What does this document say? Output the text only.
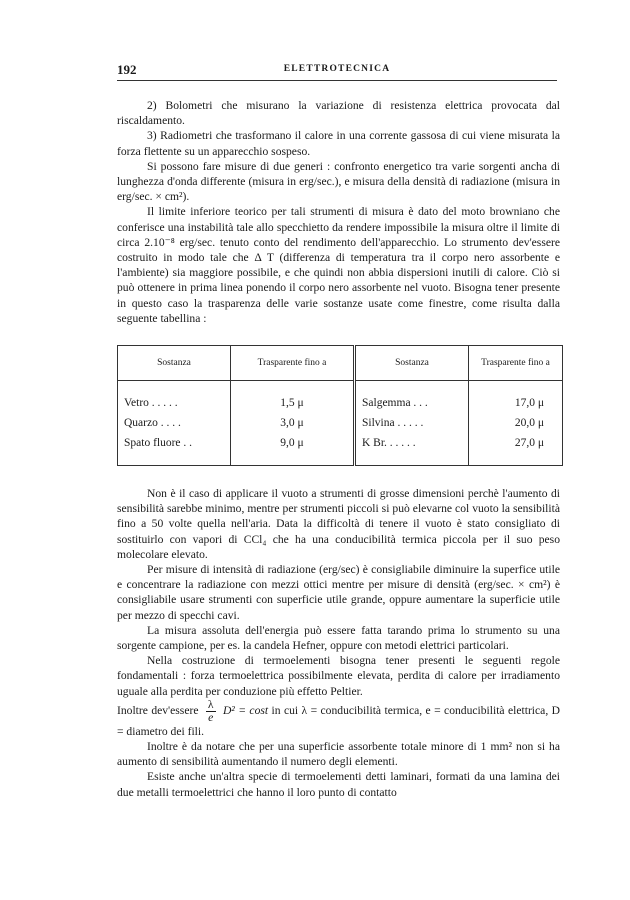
192	ELETTROTECNICA

2) Bolometri che misurano la variazione di resistenza elettrica provocata dal riscaldamento.

3) Radiometri che trasformano il calore in una corrente gassosa di cui viene misurata la forza flettente su un apparecchio sospeso.

Si possono fare misure di due generi : confronto energetico tra varie sorgenti ancha di lunghezza d'onda differente (misura in erg/sec.), e misura della densità di radiazione (misura in erg/sec. × cm²).

Il limite inferiore teorico per tali strumenti di misura è dato del moto browniano che conferisce una instabilità tale allo specchietto da rendere impossibile la misura oltre il limite di circa 2.10⁻⁸ erg/sec. tenuto conto del rendimento dell'apparecchio. Lo strumento dev'essere costruito in modo tale che Δ T (differenza di temperatura tra il corpo nero assorbente e l'ambiente) sia maggiore possibile, e che quindi non abbia dispersioni inutili di calore. Ciò si può ottenere in prima linea ponendo il corpo nero assorbente nel vuoto. Bisogna tener presente in questo caso la trasparenza delle varie sostanze usate come finestre, come risulta dalla seguente tabellina :

Sostanza	Trasparente fino a	Sostanza	Trasparente fino a

Vetro . . . . .	1,5 μ	Salgemma . . .	17,0 μ
Quarzo . . . .	3,0 μ	Silvina . . . . .	20,0 μ
Spato fluore . .	9,0 μ	K Br. . . . . .	27,0 μ

Non è il caso di applicare il vuoto a strumenti di grosse dimensioni perchè l'aumento di sensibilità sarebbe minimo, mentre per strumenti piccoli si può elevarne col vuoto la sensibilità fino a 50 volte quella nell'aria. Data la difficoltà di tenere il vuoto è stato consigliato di sostituirlo con vapori di CCl₄ che ha una conducibilità termica piccola per il suo peso molecolare elevato.

Per misure di intensità di radiazione (erg/sec) è consigliabile diminuire la superfice utile e concentrare la radiazione con mezzi ottici mentre per misure di densità (erg/sec. × cm²) è consigliabile usare strumenti con superficie utile grande, oppure aumentare la superficie utile per mezzo di specchi cavi.

La misura assoluta dell'energia può essere fatta tarando prima lo strumento su una sorgente campione, per es. la candela Hefner, oppure con metodi elettrici particolari.

Nella costruzione di termoelementi bisogna tener presenti le seguenti regole fondamentali : forza termoelettrica possibilmente elevata, perdita di calore per irradiamento uguale alla perdita per conduzione più effetto Peltier.

Inoltre dev'essere $\frac{\lambda}{e} D^2 = \cos t$ in cui λ = conducibilità termica, e = conducibilità elettrica, D = diametro dei fili.

Inoltre è da notare che per una superficie assorbente totale minore di 1 mm² non si ha aumento di sensibilità aumentando il numero degli elementi.

Esiste anche un'altra specie di termoelementi detti laminari, formati da una lamina dei due metalli termoelettrici che hanno il loro punto di contatto
